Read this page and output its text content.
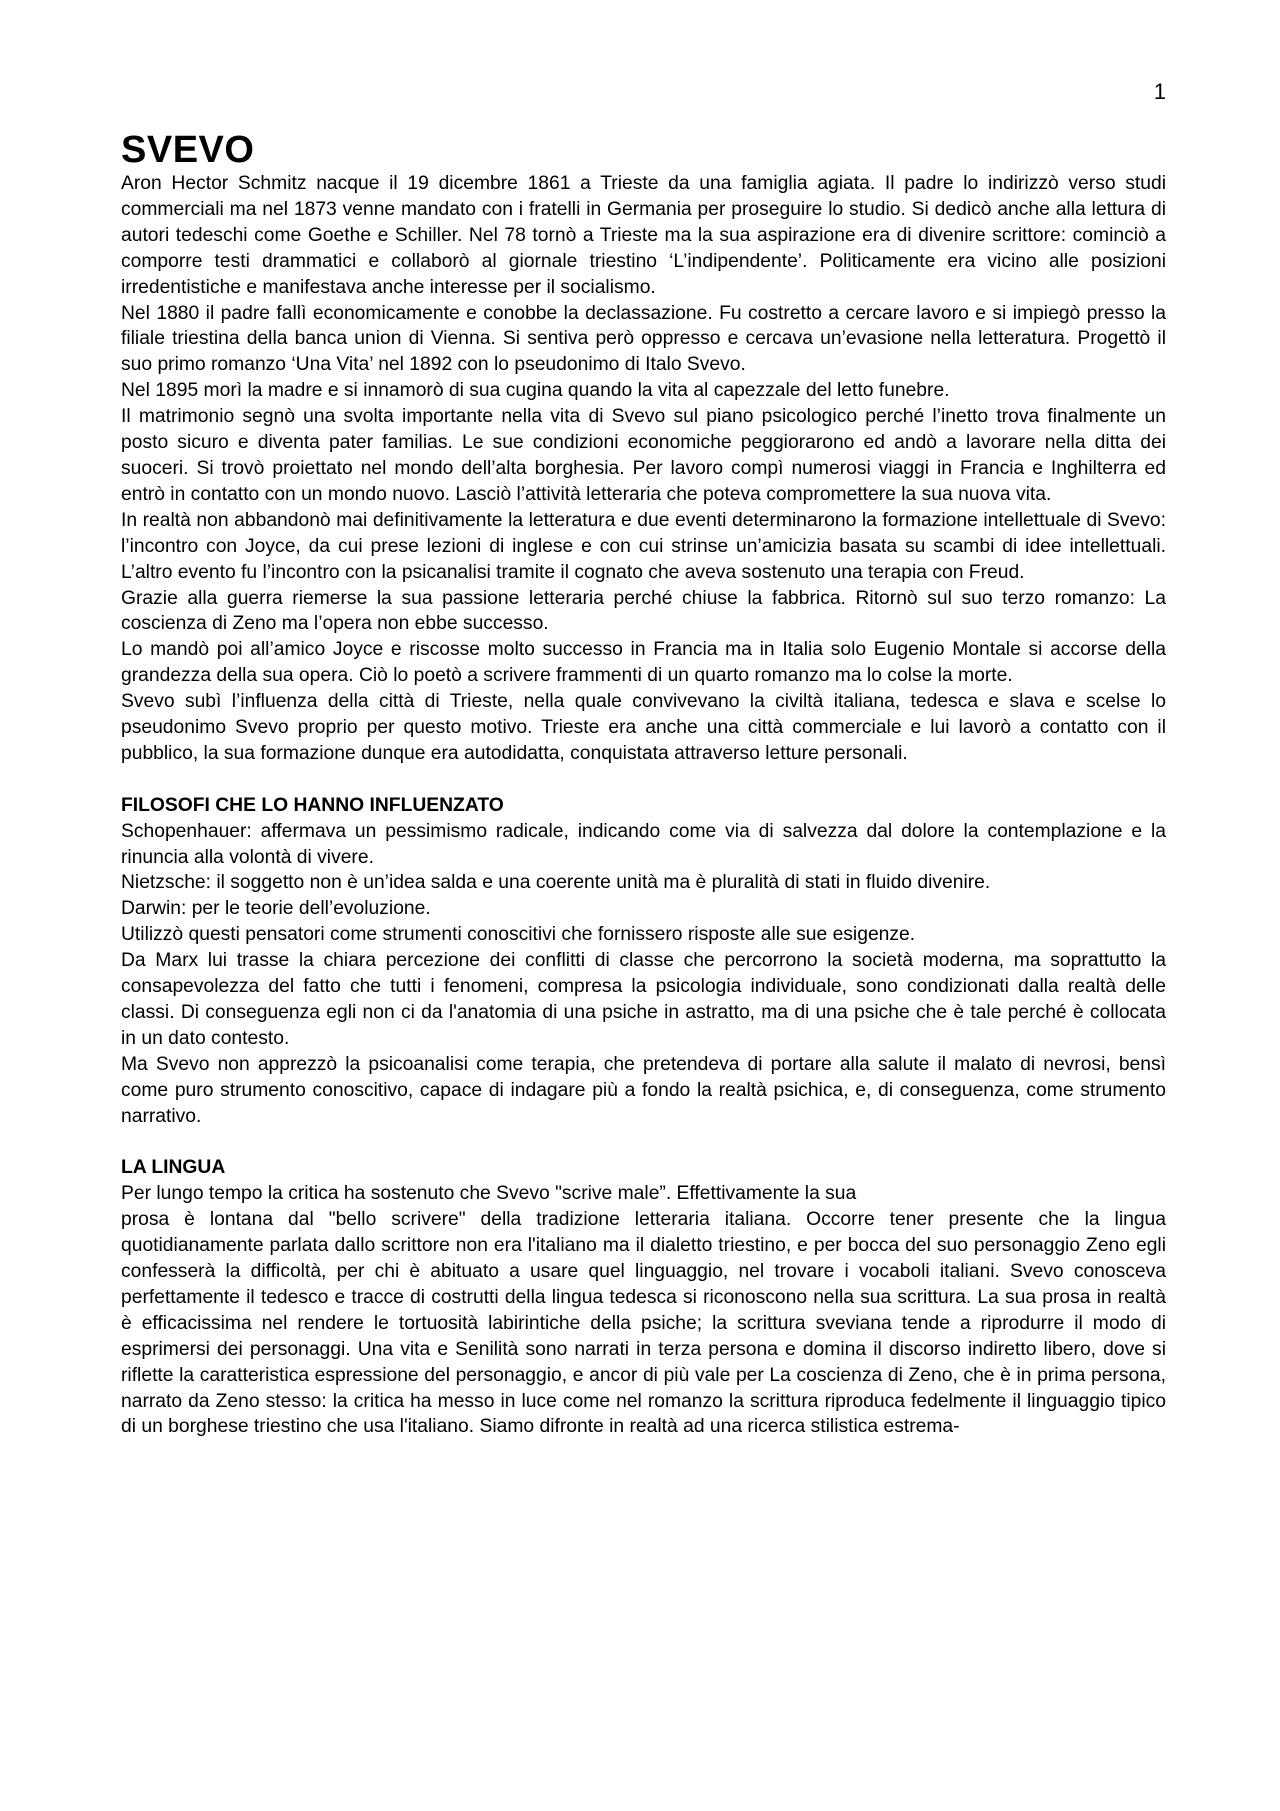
1
SVEVO

Aron Hector Schmitz nacque il 19 dicembre 1861 a Trieste da una famiglia agiata. Il padre lo indirizzò verso studi commerciali ma nel 1873 venne mandato con i fratelli in Germania per proseguire lo studio. Si dedicò anche alla lettura di autori tedeschi come Goethe e Schiller. Nel 78 tornò a Trieste ma la sua aspirazione era di divenire scrittore: cominciò a comporre testi drammatici e collaborò al giornale triestino ‘L’indipendente’. Politicamente era vicino alle posizioni irredentistiche e manifestava anche interesse per il socialismo.

Nel 1880 il padre fallì economicamente e conobbe la declassazione. Fu costretto a cercare lavoro e si impiegò presso la filiale triestina della banca union di Vienna. Si sentiva però oppresso e cercava un’evasione nella letteratura. Progettò il suo primo romanzo ‘Una Vita’ nel 1892 con lo pseudonimo di Italo Svevo.

Nel 1895 morì la madre e si innamorò di sua cugina quando la vita al capezzale del letto funebre.

Il matrimonio segnò una svolta importante nella vita di Svevo sul piano psicologico perché l’inetto trova finalmente un posto sicuro e diventa pater familias. Le sue condizioni economiche peggiorarono ed andò a lavorare nella ditta dei suoceri. Si trovò proiettato nel mondo dell’alta borghesia. Per lavoro compì numerosi viaggi in Francia e Inghilterra ed entrò in contatto con un mondo nuovo. Lasciò l’attività letteraria che poteva compromettere la sua nuova vita.

In realtà non abbandonò mai definitivamente la letteratura e due eventi determinarono la formazione intellettuale di Svevo: l’incontro con Joyce, da cui prese lezioni di inglese e con cui strinse un’amicizia basata su scambi di idee intellettuali. L’altro evento fu l’incontro con la psicanalisi tramite il cognato che aveva sostenuto una terapia con Freud.

Grazie alla guerra riemerse la sua passione letteraria perché chiuse la fabbrica. Ritornò sul suo terzo romanzo: La coscienza di Zeno ma l’opera non ebbe successo.

Lo mandò poi all’amico Joyce e riscosse molto successo in Francia ma in Italia solo Eugenio Montale si accorse della grandezza della sua opera. Ciò lo poetò a scrivere frammenti di un quarto romanzo ma lo colse la morte.

Svevo subì l’influenza della città di Trieste, nella quale convivevano la civiltà italiana, tedesca e slava e scelse lo pseudonimo Svevo proprio per questo motivo. Trieste era anche una città commerciale e lui lavorò a contatto con il pubblico, la sua formazione dunque era autodidatta, conquistata attraverso letture personali.

FILOSOFI CHE LO HANNO INFLUENZATO

Schopenhauer: affermava un pessimismo radicale, indicando come via di salvezza dal dolore la contemplazione e la rinuncia alla volontà di vivere.

Nietzsche: il soggetto non è un’idea salda e una coerente unità ma è pluralità di stati in fluido divenire.

Darwin: per le teorie dell’evoluzione.

Utilizzò questi pensatori come strumenti conoscitivi che fornissero risposte alle sue esigenze.

Da Marx lui trasse la chiara percezione dei conflitti di classe che percorrono la società moderna, ma soprattutto la consapevolezza del fatto che tutti i fenomeni, compresa la psicologia individuale, sono condizionati dalla realtà delle classi. Di conseguenza egli non ci da l'anatomia di una psiche in astratto, ma di una psiche che è tale perché è collocata in un dato contesto.

Ma Svevo non apprezzò la psicoanalisi come terapia, che pretendeva di portare alla salute il malato di nevrosi, bensì come puro strumento conoscitivo, capace di indagare più a fondo la realtà psichica, e, di conseguenza, come strumento narrativo.

LA LINGUA

Per lungo tempo la critica ha sostenuto che Svevo "scrive male”. Effettivamente la sua

prosa è lontana dal "bello scrivere" della tradizione letteraria italiana. Occorre tener presente che la lingua quotidianamente parlata dallo scrittore non era l'italiano ma il dialetto triestino, e per bocca del suo personaggio Zeno egli confesserà la difficoltà, per chi è abituato a usare quel linguaggio, nel trovare i vocaboli italiani. Svevo conosceva perfettamente il tedesco e tracce di costrutti della lingua tedesca si riconoscono nella sua scrittura. La sua prosa in realtà è efficacissima nel rendere le tortuosità labirintiche della psiche; la scrittura sveviana tende a riprodurre il modo di esprimersi dei personaggi. Una vita e Senilità sono narrati in terza persona e domina il discorso indiretto libero, dove si riflette la caratteristica espressione del personaggio, e ancor di più vale per La coscienza di Zeno, che è in prima persona, narrato da Zeno stesso: la critica ha messo in luce come nel romanzo la scrittura riproduca fedelmente il linguaggio tipico di un borghese triestino che usa l'italiano. Siamo difronte in realtà ad una ricerca stilistica estrema-
